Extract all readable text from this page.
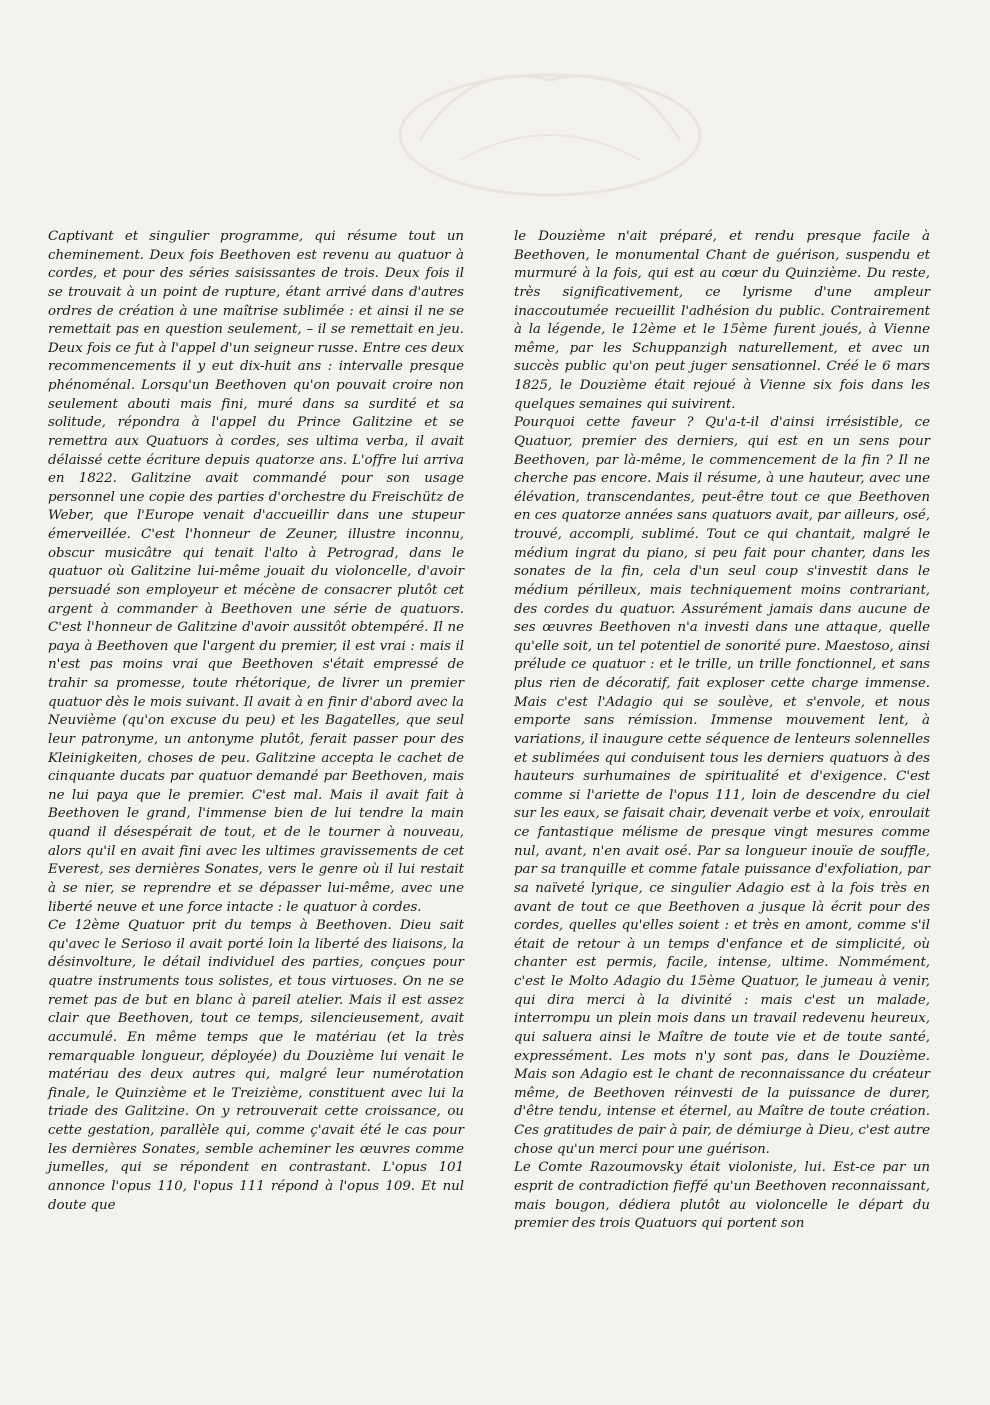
Captivant et singulier programme, qui résume tout un cheminement. Deux fois Beethoven est revenu au quatuor à cordes, et pour des séries saisissantes de trois. Deux fois il se trouvait à un point de rupture, étant arrivé dans d'autres ordres de création à une maîtrise sublimée : et ainsi il ne se remettait pas en question seulement, – il se remettait en jeu. Deux fois ce fut à l'appel d'un seigneur russe. Entre ces deux recommencements il y eut dix-huit ans : intervalle presque phénoménal. Lorsqu'un Beethoven qu'on pouvait croire non seulement abouti mais fini, muré dans sa surdité et sa solitude, répondra à l'appel du Prince Galitzine et se remettra aux Quatuors à cordes, ses ultima verba, il avait délaissé cette écriture depuis quatorze ans. L'offre lui arriva en 1822. Galitzine avait commandé pour son usage personnel une copie des parties d'orchestre du Freischütz de Weber, que l'Europe venait d'accueillir dans une stupeur émerveillée. C'est l'honneur de Zeuner, illustre inconnu, obscur musicâtre qui tenait l'alto à Petrograd, dans le quatuor où Galitzine lui-même jouait du violoncelle, d'avoir persuadé son employeur et mécène de consacrer plutôt cet argent à commander à Beethoven une série de quatuors. C'est l'honneur de Galitzine d'avoir aussitôt obtempéré. Il ne paya à Beethoven que l'argent du premier, il est vrai : mais il n'est pas moins vrai que Beethoven s'était empressé de trahir sa promesse, toute rhétorique, de livrer un premier quatuor dès le mois suivant. Il avait à en finir d'abord avec la Neuvième (qu'on excuse du peu) et les Bagatelles, que seul leur patronyme, un antonyme plutôt, ferait passer pour des Kleinigkeiten, choses de peu. Galitzine accepta le cachet de cinquante ducats par quatuor demandé par Beethoven, mais ne lui paya que le premier. C'est mal. Mais il avait fait à Beethoven le grand, l'immense bien de lui tendre la main quand il désespérait de tout, et de le tourner à nouveau, alors qu'il en avait fini avec les ultimes gravissements de cet Everest, ses dernières Sonates, vers le genre où il lui restait à se nier, se reprendre et se dépasser lui-même, avec une liberté neuve et une force intacte : le quatuor à cordes.

Ce 12ème Quatuor prit du temps à Beethoven. Dieu sait qu'avec le Serioso il avait porté loin la liberté des liaisons, la désinvolture, le détail individuel des parties, conçues pour quatre instruments tous solistes, et tous virtuoses. On ne se remet pas de but en blanc à pareil atelier. Mais il est assez clair que Beethoven, tout ce temps, silencieusement, avait accumulé. En même temps que le matériau (et la très remarquable longueur, déployée) du Douzième lui venait le matériau des deux autres qui, malgré leur numérotation finale, le Quinzième et le Treizième, constituent avec lui la triade des Galitzine. On y retrouverait cette croissance, ou cette gestation, parallèle qui, comme ç'avait été le cas pour les dernières Sonates, semble acheminer les œuvres comme jumelles, qui se répondent en contrastant. L'opus 101 annonce l'opus 110, l'opus 111 répond à l'opus 109. Et nul doute que

le Douzième n'ait préparé, et rendu presque facile à Beethoven, le monumental Chant de guérison, suspendu et murmuré à la fois, qui est au cœur du Quinzième. Du reste, très significativement, ce lyrisme d'une ampleur inaccoutumée recueillit l'adhésion du public. Contrairement à la légende, le 12ème et le 15ème furent joués, à Vienne même, par les Schuppanzigh naturellement, et avec un succès public qu'on peut juger sensationnel. Créé le 6 mars 1825, le Douzième était rejoué à Vienne six fois dans les quelques semaines qui suivirent.

Pourquoi cette faveur ? Qu'a-t-il d'ainsi irrésistible, ce Quatuor, premier des derniers, qui est en un sens pour Beethoven, par là-même, le commencement de la fin ? Il ne cherche pas encore. Mais il résume, à une hauteur, avec une élévation, transcendantes, peut-être tout ce que Beethoven en ces quatorze années sans quatuors avait, par ailleurs, osé, trouvé, accompli, sublimé. Tout ce qui chantait, malgré le médium ingrat du piano, si peu fait pour chanter, dans les sonates de la fin, cela d'un seul coup s'investit dans le médium périlleux, mais techniquement moins contrariant, des cordes du quatuor. Assurément jamais dans aucune de ses œuvres Beethoven n'a investi dans une attaque, quelle qu'elle soit, un tel potentiel de sonorité pure. Maestoso, ainsi prélude ce quatuor : et le trille, un trille fonctionnel, et sans plus rien de décoratif, fait exploser cette charge immense. Mais c'est l'Adagio qui se soulève, et s'envole, et nous emporte sans rémission. Immense mouvement lent, à variations, il inaugure cette séquence de lenteurs solennelles et sublimées qui conduisent tous les derniers quatuors à des hauteurs surhumaines de spiritualité et d'exigence. C'est comme si l'ariette de l'opus 111, loin de descendre du ciel sur les eaux, se faisait chair, devenait verbe et voix, enroulait ce fantastique mélisme de presque vingt mesures comme nul, avant, n'en avait osé. Par sa longueur inouïe de souffle, par sa tranquille et comme fatale puissance d'exfoliation, par sa naïveté lyrique, ce singulier Adagio est à la fois très en avant de tout ce que Beethoven a jusque là écrit pour des cordes, quelles qu'elles soient : et très en amont, comme s'il était de retour à un temps d'enfance et de simplicité, où chanter est permis, facile, intense, ultime. Nommément, c'est le Molto Adagio du 15ème Quatuor, le jumeau à venir, qui dira merci à la divinité : mais c'est un malade, interrompu un plein mois dans un travail redevenu heureux, qui saluera ainsi le Maître de toute vie et de toute santé, expressément. Les mots n'y sont pas, dans le Douzième. Mais son Adagio est le chant de reconnaissance du créateur même, de Beethoven réinvesti de la puissance de durer, d'être tendu, intense et éternel, au Maître de toute création. Ces gratitudes de pair à pair, de démiurge à Dieu, c'est autre chose qu'un merci pour une guérison.

Le Comte Razoumovsky était violoniste, lui. Est-ce par un esprit de contradiction fieffé qu'un Beethoven reconnaissant, mais bougon, dédiera plutôt au violoncelle le départ du premier des trois Quatuors qui portent son
